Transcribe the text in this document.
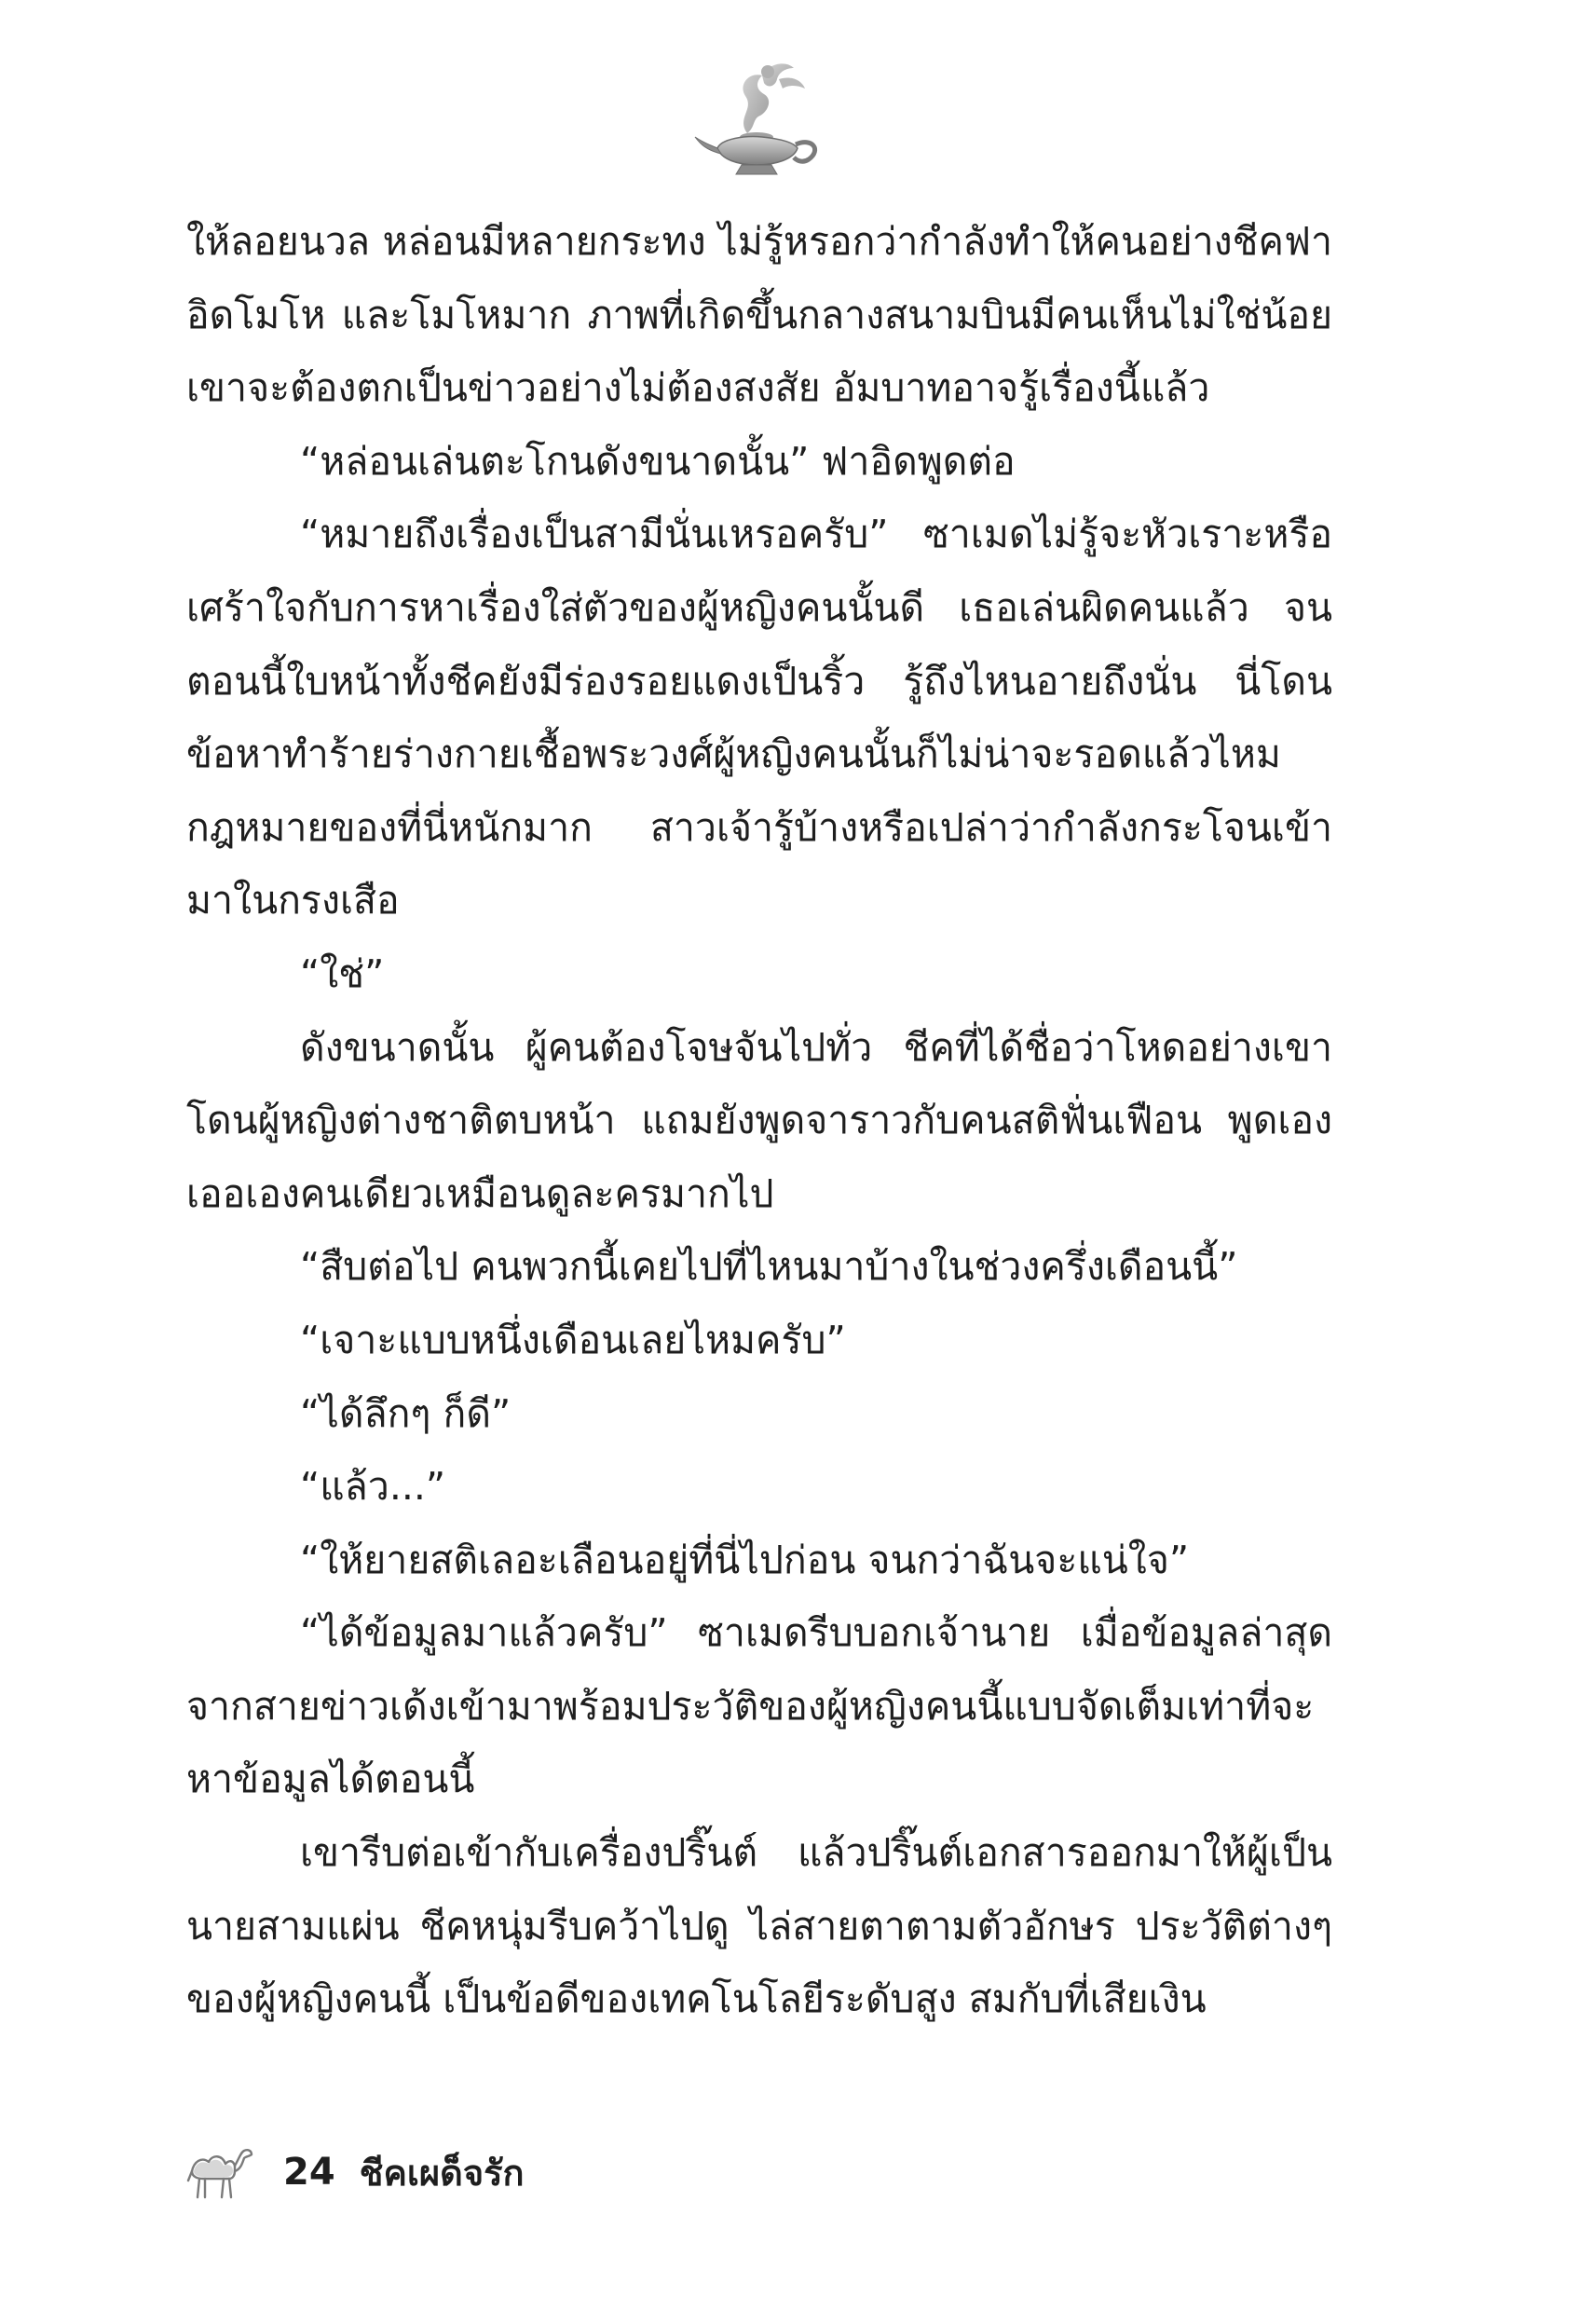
ให้ลอยนวล หล่อนมีหลายกระทง ไม่รู้หรอกว่ากำลังทำให้คนอย่างชีคฟาอิดโมโห และโมโหมาก ภาพที่เกิดขึ้นกลางสนามบินมีคนเห็นไม่ใช่น้อย เขาจะต้องตกเป็นข่าวอย่างไม่ต้องสงสัย อัมบาทอาจรู้เรื่องนี้แล้ว

“หล่อนเล่นตะโกนดังขนาดนั้น” ฟาอิดพูดต่อ

“หมายถึงเรื่องเป็นสามีนั่นเหรอครับ” ซาเมดไม่รู้จะหัวเราะหรือเศร้าใจกับการหาเรื่องใส่ตัวของผู้หญิงคนนั้นดี เธอเล่นผิดคนแล้ว จนตอนนี้ใบหน้าทั้งชีคยังมีร่องรอยแดงเป็นริ้ว รู้ถึงไหนอายถึงนั่น นี่โดนข้อหาทำร้ายร่างกายเชื้อพระวงศ์ผู้หญิงคนนั้นก็ไม่น่าจะรอดแล้วไหม กฎหมายของที่นี่หนักมาก สาวเจ้ารู้บ้างหรือเปล่าว่ากำลังกระโจนเข้ามาในกรงเสือ

“ใช่”

ดังขนาดนั้น ผู้คนต้องโจษจันไปทั่ว ชีคที่ได้ชื่อว่าโหดอย่างเขาโดนผู้หญิงต่างชาติตบหน้า แถมยังพูดจาราวกับคนสติฟั่นเฟือน พูดเองเออเองคนเดียวเหมือนดูละครมากไป

“สืบต่อไป คนพวกนี้เคยไปที่ไหนมาบ้างในช่วงครึ่งเดือนนี้”

“เจาะแบบหนึ่งเดือนเลยไหมครับ”

“ได้ลึกๆ ก็ดี”

“แล้ว...”

“ให้ยายสติเลอะเลือนอยู่ที่นี่ไปก่อน จนกว่าฉันจะแน่ใจ”

“ได้ข้อมูลมาแล้วครับ” ซาเมดรีบบอกเจ้านาย เมื่อข้อมูลล่าสุดจากสายข่าวเด้งเข้ามาพร้อมประวัติของผู้หญิงคนนี้แบบจัดเต็มเท่าที่จะหาข้อมูลได้ตอนนี้

เขารีบต่อเข้ากับเครื่องปริ๊นต์ แล้วปริ๊นต์เอกสารออกมาให้ผู้เป็นนายสามแผ่น ชีคหนุ่มรีบคว้าไปดู ไล่สายตาตามตัวอักษร ประวัติต่างๆ ของผู้หญิงคนนี้ เป็นข้อดีของเทคโนโลยีระดับสูง สมกับที่เสียเงิน

24 ชีคเผด็จรัก
